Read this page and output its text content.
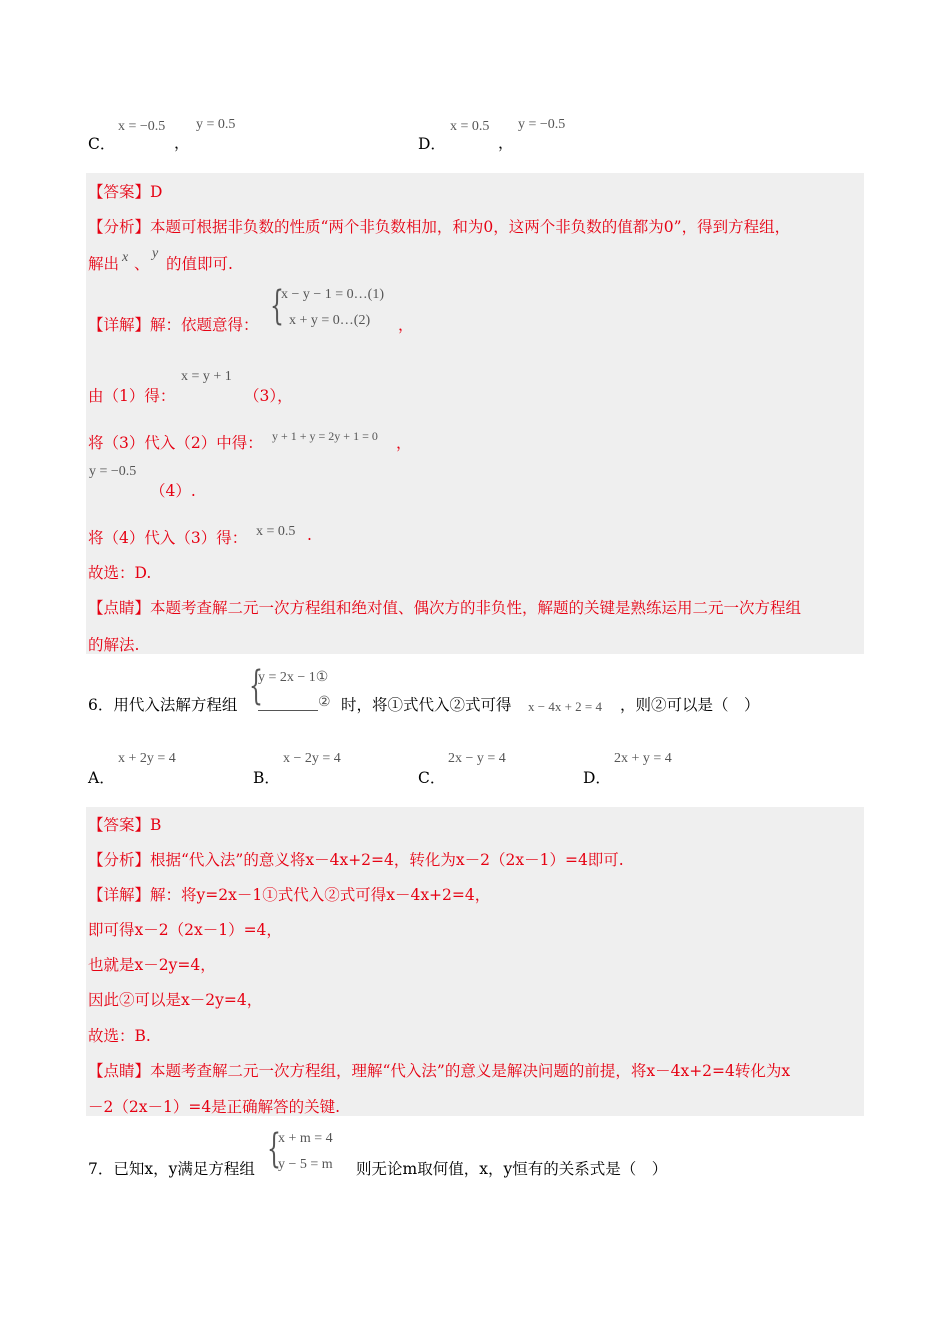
C．
x = −0.5
，
y = 0.5
D．
x = 0.5
，
y = −0.5
【答案】D
【分析】本题可根据非负数的性质“两个非负数相加，和为0，这两个非负数的值都为0”，得到方程组，
解出 x 、
y
的值即可.
【详解】解：依题意得： {
x − y − 1 = 0…(1)
x + y = 0…(2) ，
由（1）得：
x = y + 1
（3），
将（3）代入（2）中得： y + 1 + y = 2y + 1 = 0 ，
y = −0.5
（4）.
将（4）代入（3）得： x = 0.5 .
故选：D.
【点睛】本题考查解二元一次方程组和绝对值、偶次方的非负性，解题的关键是熟练运用二元一次方程组
的解法.
6．用代入法解方程组 {
y = 2x − 1①
② 时，将①式代入②式可得 x − 4x + 2 = 4 ，则②可以是（　）
A．
x + 2y = 4
B．
x − 2y = 4
C．
2x − y = 4
D．
2x + y = 4
【答案】B
【分析】根据“代入法”的意义将x－4x+2=4，转化为x－2（2x－1）=4即可.
【详解】解：将y=2x－1①式代入②式可得x－4x+2=4，
即可得x－2（2x－1）=4，
也就是x－2y=4，
因此②可以是x－2y=4，
故选：B.
【点睛】本题考查解二元一次方程组，理解“代入法”的意义是解决问题的前提，将x－4x+2=4转化为x
－2（2x－1）=4是正确解答的关键.
7．已知x，y满足方程组 {
x + m = 4
y − 5 = m 则无论m取何值，x，y恒有的关系式是（　）
